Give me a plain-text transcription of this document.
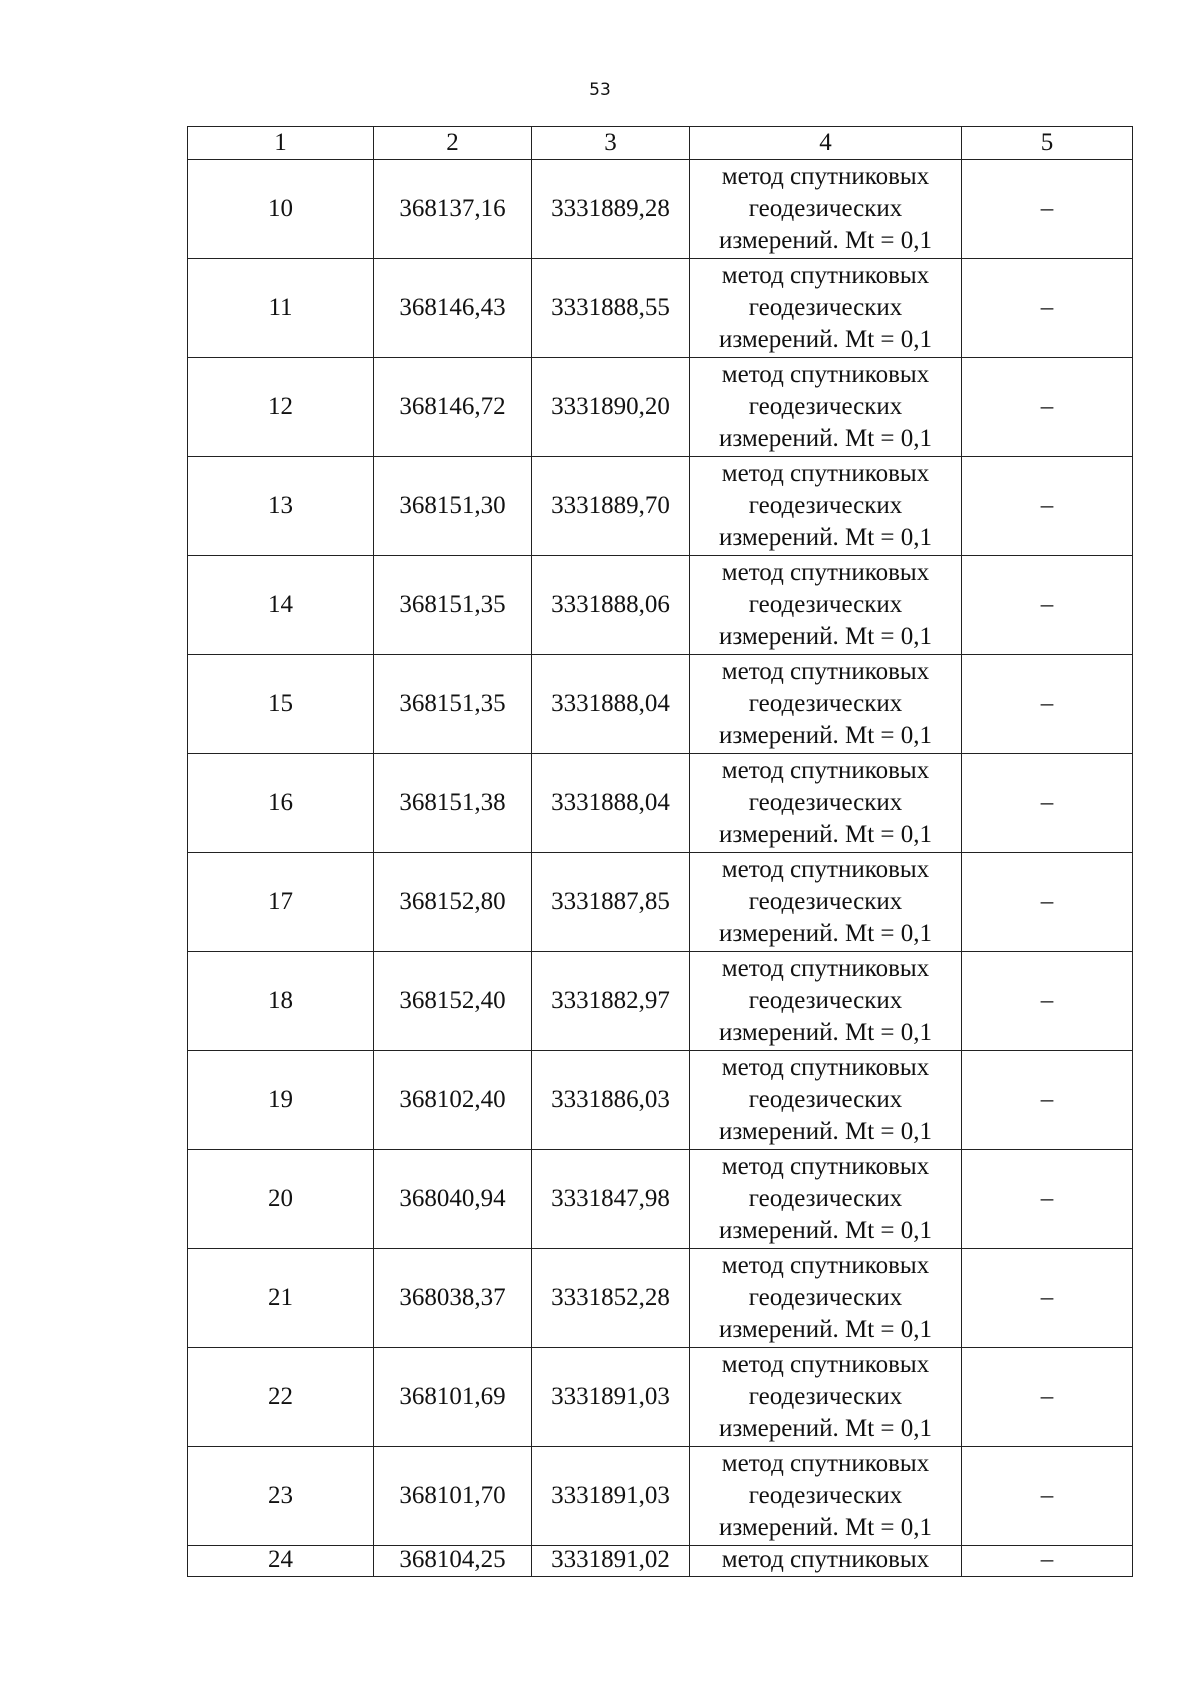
53
1	2	3	4	5
10	368137,16	3331889,28	метод спутниковых
геодезических
измерений. Mt = 0,1	–
11	368146,43	3331888,55	метод спутниковых
геодезических
измерений. Mt = 0,1	–
12	368146,72	3331890,20	метод спутниковых
геодезических
измерений. Mt = 0,1	–
13	368151,30	3331889,70	метод спутниковых
геодезических
измерений. Mt = 0,1	–
14	368151,35	3331888,06	метод спутниковых
геодезических
измерений. Mt = 0,1	–
15	368151,35	3331888,04	метод спутниковых
геодезических
измерений. Mt = 0,1	–
16	368151,38	3331888,04	метод спутниковых
геодезических
измерений. Mt = 0,1	–
17	368152,80	3331887,85	метод спутниковых
геодезических
измерений. Mt = 0,1	–
18	368152,40	3331882,97	метод спутниковых
геодезических
измерений. Mt = 0,1	–
19	368102,40	3331886,03	метод спутниковых
геодезических
измерений. Mt = 0,1	–
20	368040,94	3331847,98	метод спутниковых
геодезических
измерений. Mt = 0,1	–
21	368038,37	3331852,28	метод спутниковых
геодезических
измерений. Mt = 0,1	–
22	368101,69	3331891,03	метод спутниковых
геодезических
измерений. Mt = 0,1	–
23	368101,70	3331891,03	метод спутниковых
геодезических
измерений. Mt = 0,1	–
24	368104,25	3331891,02	метод спутниковых	–
